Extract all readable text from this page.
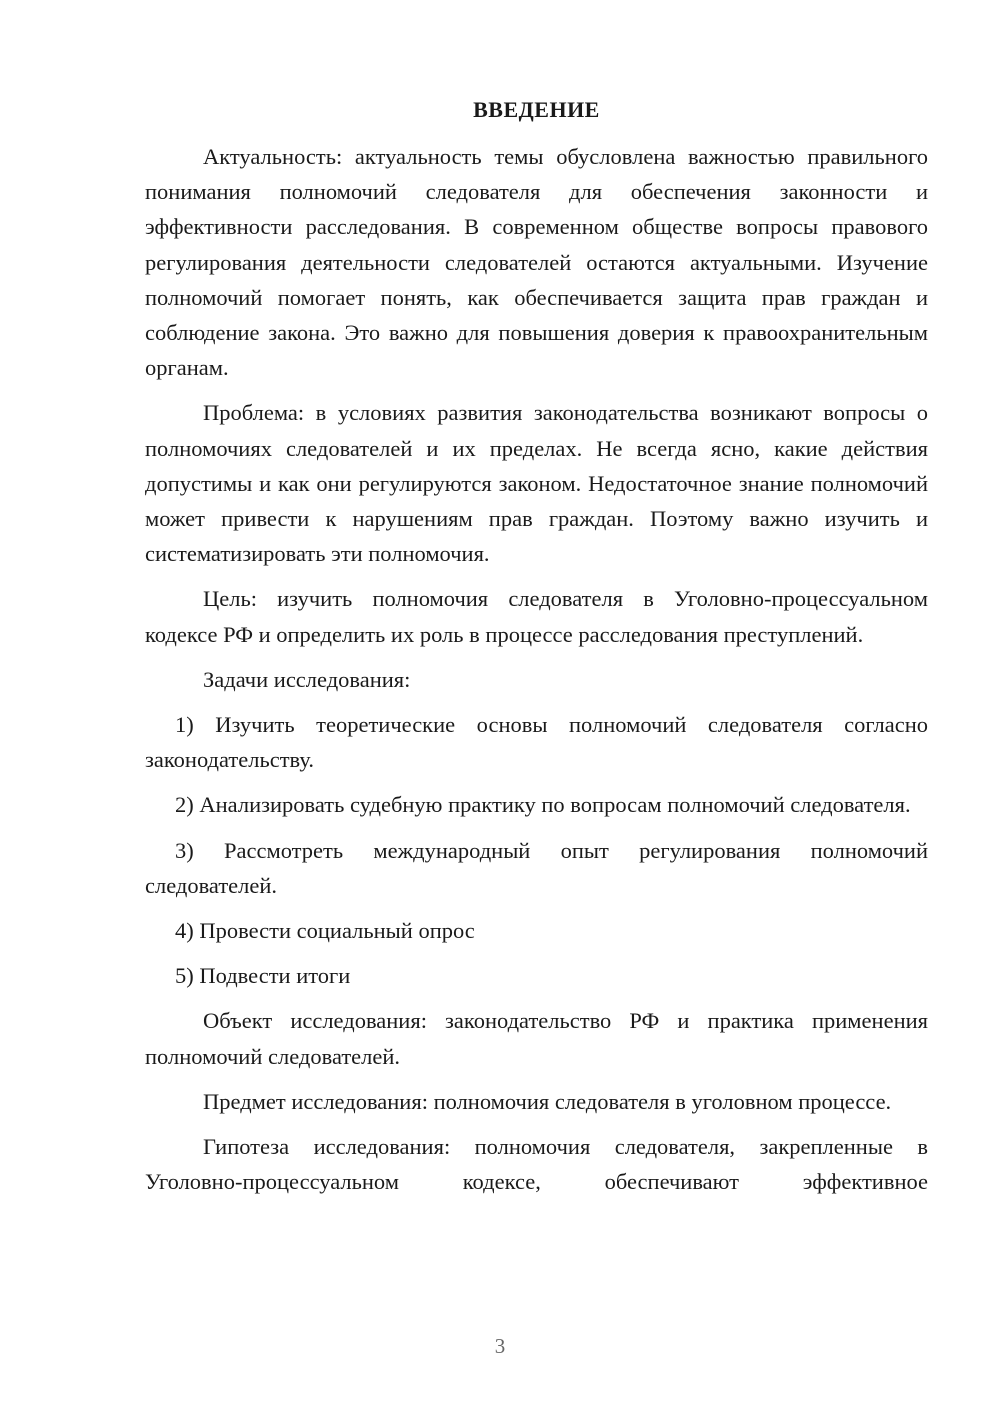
ВВЕДЕНИЕ

Актуальность: актуальность темы обусловлена важностью правильного понимания полномочий следователя для обеспечения законности и эффективности расследования. В современном обществе вопросы правового регулирования деятельности следователей остаются актуальными. Изучение полномочий помогает понять, как обеспечивается защита прав граждан и соблюдение закона. Это важно для повышения доверия к правоохранительным органам.

Проблема: в условиях развития законодательства возникают вопросы о полномочиях следователей и их пределах. Не всегда ясно, какие действия допустимы и как они регулируются законом. Недостаточное знание полномочий может привести к нарушениям прав граждан. Поэтому важно изучить и систематизировать эти полномочия.

Цель: изучить полномочия следователя в Уголовно-процессуальном кодексе РФ и определить их роль в процессе расследования преступлений.

Задачи исследования:

1) Изучить теоретические основы полномочий следователя согласно законодательству.

2) Анализировать судебную практику по вопросам полномочий следователя.

3) Рассмотреть международный опыт регулирования полномочий следователей.

4) Провести социальный опрос

5) Подвести итоги

Объект исследования: законодательство РФ и практика применения полномочий следователей.

Предмет исследования: полномочия следователя в уголовном процессе.

Гипотеза исследования: полномочия следователя, закрепленные в Уголовно-процессуальном кодексе, обеспечивают эффективное

3
